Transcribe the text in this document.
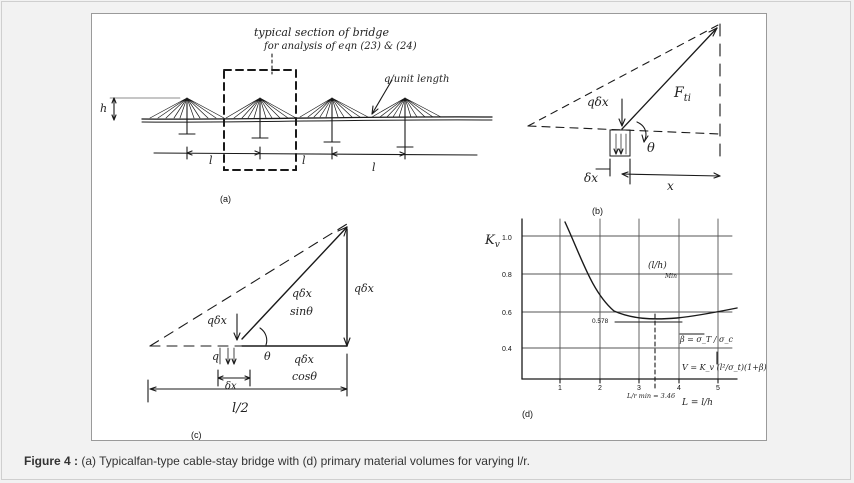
typical section of bridge
for analysis of eqn (23) & (24)
q/unit length
h
l	l
l
(a)
qδx
$F_{ti}$
θ
δx
x
(b)
qδx
qδx
sinθ
qδx
q	θ qδx
cosθ
δx
l/2
(c)
$K_v$
1.0
0.8
0.6
0.4
1	2	3	4	5
(l/h)
Min
0.578
β = σ_T / σ_c
V = K_v (l²/σ_t)(1+β)
L/r min = 3.46
L = l/h
(d)
Figure 4 : (a) Typicalfan-type cable-stay bridge with (d) primary material volumes for varying l/r.
